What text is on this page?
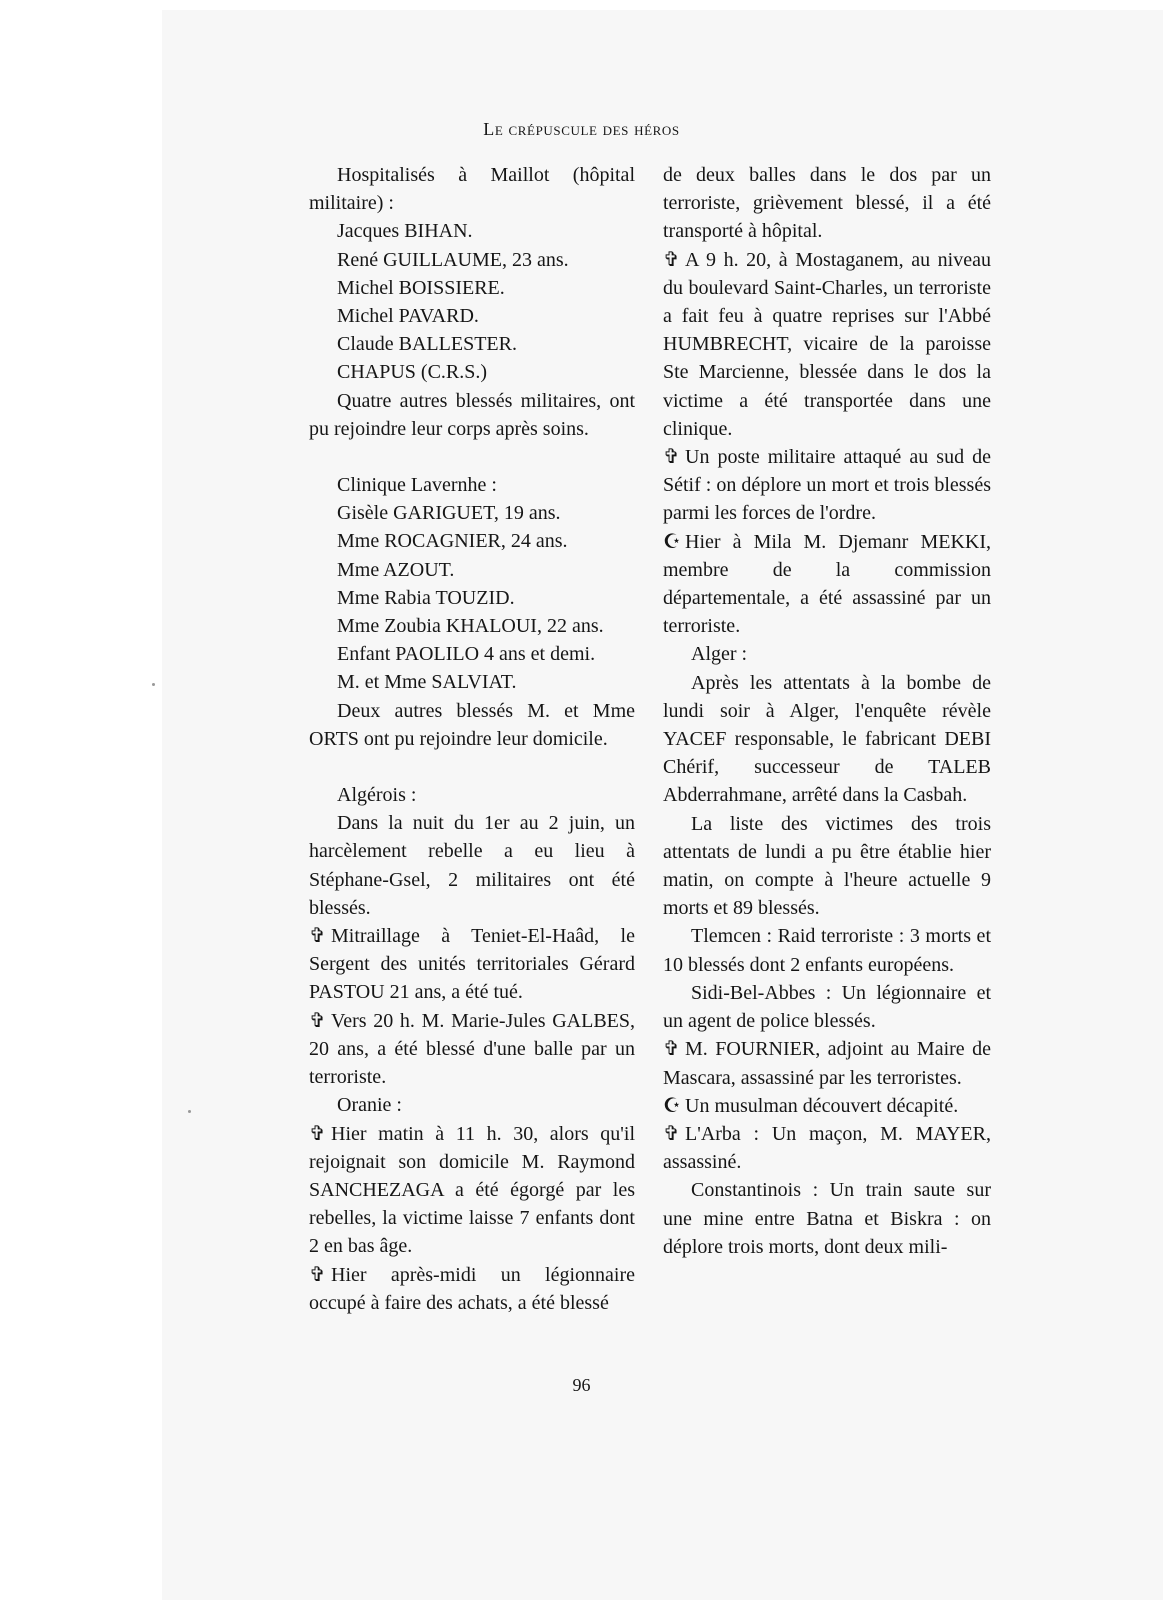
Le crépuscule des héros

Hospitalisés à Maillot (hôpital militaire) :

Jacques BIHAN.

René GUILLAUME, 23 ans.

Michel BOISSIERE.

Michel PAVARD.

Claude BALLESTER.

CHAPUS (C.R.S.)

Quatre autres blessés militaires, ont pu rejoindre leur corps après soins.

Clinique Lavernhe :

Gisèle GARIGUET, 19 ans.

Mme ROCAGNIER, 24 ans.

Mme AZOUT.

Mme Rabia TOUZID.

Mme Zoubia KHALOUI, 22 ans.

Enfant PAOLILO 4 ans et demi.

M. et Mme SALVIAT.

Deux autres blessés M. et Mme ORTS ont pu rejoindre leur domicile.

Algérois :

Dans la nuit du 1er au 2 juin, un harcèlement rebelle a eu lieu à Stéphane-Gsel, 2 militaires ont été blessés.

✞ Mitraillage à Teniet-El-Haâd, le Sergent des unités territoriales Gérard PASTOU 21 ans, a été tué.

✞ Vers 20 h. M. Marie-Jules GALBES, 20 ans, a été blessé d'une balle par un terroriste.

Oranie :

✞ Hier matin à 11 h. 30, alors qu'il rejoignait son domicile M. Raymond SANCHEZAGA a été égorgé par les rebelles, la victime laisse 7 enfants dont 2 en bas âge.

✞ Hier après-midi un légionnaire occupé à faire des achats, a été blessé

de deux balles dans le dos par un terroriste, grièvement blessé, il a été transporté à hôpital.

✞ A 9 h. 20, à Mostaganem, au niveau du boulevard Saint-Charles, un terroriste a fait feu à quatre reprises sur l'Abbé HUMBRECHT, vicaire de la paroisse Ste Marcienne, blessée dans le dos la victime a été transportée dans une clinique.

✞ Un poste militaire attaqué au sud de Sétif : on déplore un mort et trois blessés parmi les forces de l'ordre.

☪ Hier à Mila M. Djemanr MEKKI, membre de la commission départementale, a été assassiné par un terroriste.

Alger :

Après les attentats à la bombe de lundi soir à Alger, l'enquête révèle YACEF responsable, le fabricant DEBI Chérif, successeur de TALEB Abderrahmane, arrêté dans la Casbah.

La liste des victimes des trois attentats de lundi a pu être établie hier matin, on compte à l'heure actuelle 9 morts et 89 blessés.

Tlemcen : Raid terroriste : 3 morts et 10 blessés dont 2 enfants européens.

Sidi-Bel-Abbes : Un légionnaire et un agent de police blessés.

✞ M. FOURNIER, adjoint au Maire de Mascara, assassiné par les terroristes.

☪ Un musulman découvert décapité.

✞ L'Arba : Un maçon, M. MAYER, assassiné.

Constantinois : Un train saute sur une mine entre Batna et Biskra : on déplore trois morts, dont deux mili-

96
